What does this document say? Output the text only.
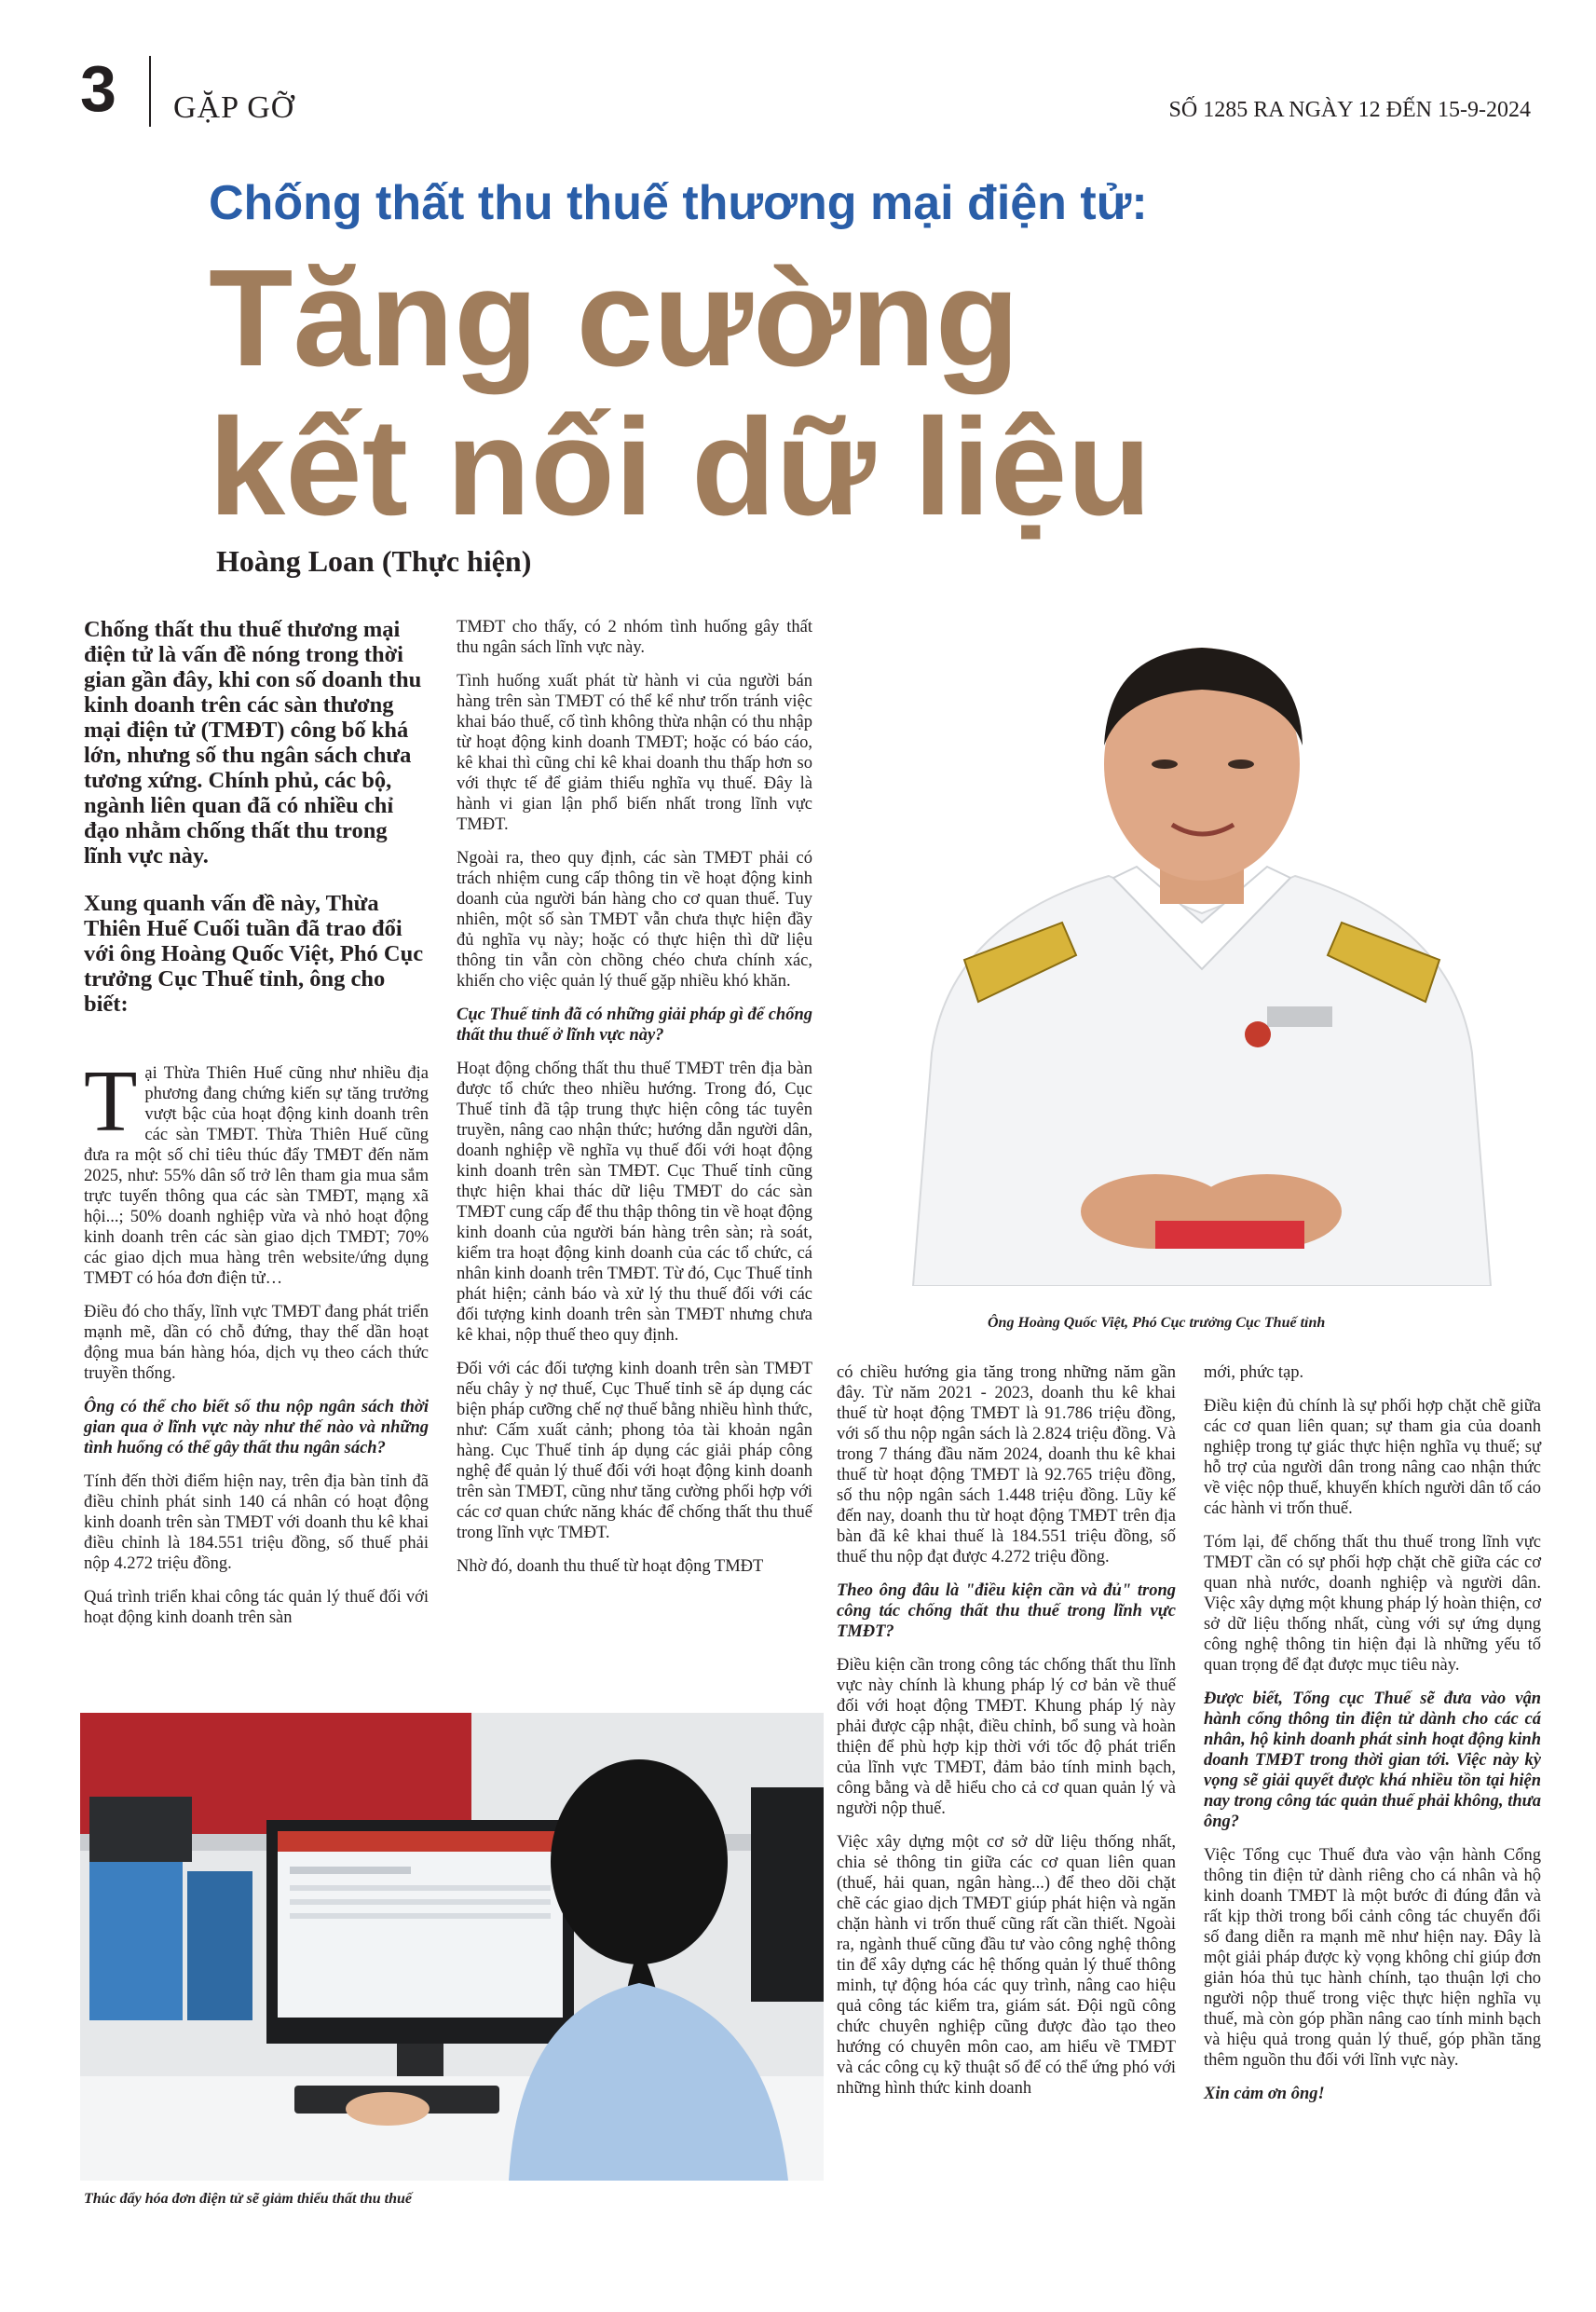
3 GẶP GỠ	SỐ 1285 RA NGÀY 12 ĐẾN 15-9-2024
Chống thất thu thuế thương mại điện tử:
Tăng cường
kết nối dữ liệu
Hoàng Loan (Thực hiện)

Chống thất thu thuế thương mại điện tử là vấn đề nóng trong thời gian gần đây, khi con số doanh thu kinh doanh trên các sàn thương mại điện tử (TMĐT) công bố khá lớn, nhưng số thu ngân sách chưa tương xứng. Chính phủ, các bộ, ngành liên quan đã có nhiều chỉ đạo nhằm chống thất thu trong lĩnh vực này.

Xung quanh vấn đề này, Thừa Thiên Huế Cuối tuần đã trao đổi với ông Hoàng Quốc Việt, Phó Cục trưởng Cục Thuế tỉnh, ông cho biết:

Tại Thừa Thiên Huế cũng như nhiều địa phương đang chứng kiến sự tăng trưởng vượt bậc của hoạt động kinh doanh trên các sàn TMĐT. Thừa Thiên Huế cũng đưa ra một số chỉ tiêu thúc đẩy TMĐT đến năm 2025, như: 55% dân số trở lên tham gia mua sắm trực tuyến thông qua các sàn TMĐT, mạng xã hội...; 50% doanh nghiệp vừa và nhỏ hoạt động kinh doanh trên các sàn giao dịch TMĐT; 70% các giao dịch mua hàng trên website/ứng dụng TMĐT có hóa đơn điện tử…

Điều đó cho thấy, lĩnh vực TMĐT đang phát triển mạnh mẽ, dần có chỗ đứng, thay thế dần hoạt động mua bán hàng hóa, dịch vụ theo cách thức truyền thống.

Ông có thể cho biết số thu nộp ngân sách thời gian qua ở lĩnh vực này như thế nào và những tình huống có thể gây thất thu ngân sách?

Tính đến thời điểm hiện nay, trên địa bàn tỉnh đã điều chỉnh phát sinh 140 cá nhân có hoạt động kinh doanh trên sàn TMĐT với doanh thu kê khai điều chỉnh là 184.551 triệu đồng, số thuế phải nộp 4.272 triệu đồng.

Quá trình triển khai công tác quản lý thuế đối với hoạt động kinh doanh trên sàn

TMĐT cho thấy, có 2 nhóm tình huống gây thất thu ngân sách lĩnh vực này.

Tình huống xuất phát từ hành vi của người bán hàng trên sàn TMĐT có thể kể như trốn tránh việc khai báo thuế, cố tình không thừa nhận có thu nhập từ hoạt động kinh doanh TMĐT; hoặc có báo cáo, kê khai thì cũng chỉ kê khai doanh thu thấp hơn so với thực tế để giảm thiểu nghĩa vụ thuế. Đây là hành vi gian lận phổ biến nhất trong lĩnh vực TMĐT.

Ngoài ra, theo quy định, các sàn TMĐT phải có trách nhiệm cung cấp thông tin về hoạt động kinh doanh của người bán hàng cho cơ quan thuế. Tuy nhiên, một số sàn TMĐT vẫn chưa thực hiện đầy đủ nghĩa vụ này; hoặc có thực hiện thì dữ liệu thông tin vẫn còn chồng chéo chưa chính xác, khiến cho việc quản lý thuế gặp nhiều khó khăn.

Cục Thuế tỉnh đã có những giải pháp gì để chống thất thu thuế ở lĩnh vực này?

Hoạt động chống thất thu thuế TMĐT trên địa bàn được tổ chức theo nhiều hướng. Trong đó, Cục Thuế tỉnh đã tập trung thực hiện công tác tuyên truyền, nâng cao nhận thức; hướng dẫn người dân, doanh nghiệp về nghĩa vụ thuế đối với hoạt động kinh doanh trên sàn TMĐT. Cục Thuế tỉnh cũng thực hiện khai thác dữ liệu TMĐT do các sàn TMĐT cung cấp để thu thập thông tin về hoạt động kinh doanh của người bán hàng trên sàn; rà soát, kiểm tra hoạt động kinh doanh của các tổ chức, cá nhân kinh doanh trên TMĐT. Từ đó, Cục Thuế tỉnh phát hiện; cảnh báo và xử lý thu thuế đối với các đối tượng kinh doanh trên sàn TMĐT nhưng chưa kê khai, nộp thuế theo quy định.

Đối với các đối tượng kinh doanh trên sàn TMĐT nếu chây ỳ nợ thuế, Cục Thuế tỉnh sẽ áp dụng các biện pháp cưỡng chế nợ thuế bằng nhiều hình thức, như: Cấm xuất cảnh; phong tỏa tài khoản ngân hàng. Cục Thuế tỉnh áp dụng các giải pháp công nghệ để quản lý thuế đối với hoạt động kinh doanh trên sàn TMĐT, cũng như tăng cường phối hợp với các cơ quan chức năng khác để chống thất thu thuế trong lĩnh vực TMĐT.

Nhờ đó, doanh thu thuế từ hoạt động TMĐT

Ông Hoàng Quốc Việt, Phó Cục trưởng Cục Thuế tỉnh

có chiều hướng gia tăng trong những năm gần đây. Từ năm 2021 - 2023, doanh thu kê khai thuế từ hoạt động TMĐT là 91.786 triệu đồng, với số thu nộp ngân sách là 2.824 triệu đồng. Và trong 7 tháng đầu năm 2024, doanh thu kê khai thuế từ hoạt động TMĐT là 92.765 triệu đồng, số thu nộp ngân sách 1.448 triệu đồng. Lũy kế đến nay, doanh thu từ hoạt động TMĐT trên địa bàn đã kê khai thuế là 184.551 triệu đồng, số thuế thu nộp đạt được 4.272 triệu đồng.

Theo ông đâu là "điều kiện cần và đủ" trong công tác chống thất thu thuế trong lĩnh vực TMĐT?

Điều kiện cần trong công tác chống thất thu lĩnh vực này chính là khung pháp lý cơ bản về thuế đối với hoạt động TMĐT. Khung pháp lý này phải được cập nhật, điều chỉnh, bổ sung và hoàn thiện để phù hợp kịp thời với tốc độ phát triển của lĩnh vực TMĐT, đảm bảo tính minh bạch, công bằng và dễ hiểu cho cả cơ quan quản lý và người nộp thuế.

Việc xây dựng một cơ sở dữ liệu thống nhất, chia sẻ thông tin giữa các cơ quan liên quan (thuế, hải quan, ngân hàng...) để theo dõi chặt chẽ các giao dịch TMĐT giúp phát hiện và ngăn chặn hành vi trốn thuế cũng rất cần thiết. Ngoài ra, ngành thuế cũng đầu tư vào công nghệ thông tin để xây dựng các hệ thống quản lý thuế thông minh, tự động hóa các quy trình, nâng cao hiệu quả công tác kiểm tra, giám sát. Đội ngũ công chức chuyên nghiệp cũng được đào tạo theo hướng có chuyên môn cao, am hiểu về TMĐT và các công cụ kỹ thuật số để có thể ứng phó với những hình thức kinh doanh

mới, phức tạp.

Điều kiện đủ chính là sự phối hợp chặt chẽ giữa các cơ quan liên quan; sự tham gia của doanh nghiệp trong tự giác thực hiện nghĩa vụ thuế; sự hỗ trợ của người dân trong nâng cao nhận thức về việc nộp thuế, khuyến khích người dân tố cáo các hành vi trốn thuế.

Tóm lại, để chống thất thu thuế trong lĩnh vực TMĐT cần có sự phối hợp chặt chẽ giữa các cơ quan nhà nước, doanh nghiệp và người dân. Việc xây dựng một khung pháp lý hoàn thiện, cơ sở dữ liệu thống nhất, cùng với sự ứng dụng công nghệ thông tin hiện đại là những yếu tố quan trọng để đạt được mục tiêu này.

Được biết, Tổng cục Thuế sẽ đưa vào vận hành cổng thông tin điện tử dành cho các cá nhân, hộ kinh doanh phát sinh hoạt động kinh doanh TMĐT trong thời gian tới. Việc này kỳ vọng sẽ giải quyết được khá nhiều tồn tại hiện nay trong công tác quản thuế phải không, thưa ông?

Việc Tổng cục Thuế đưa vào vận hành Cổng thông tin điện tử dành riêng cho cá nhân và hộ kinh doanh TMĐT là một bước đi đúng đắn và rất kịp thời trong bối cảnh công tác chuyển đổi số đang diễn ra mạnh mẽ như hiện nay. Đây là một giải pháp được kỳ vọng không chỉ giúp đơn giản hóa thủ tục hành chính, tạo thuận lợi cho người nộp thuế trong việc thực hiện nghĩa vụ thuế, mà còn góp phần nâng cao tính minh bạch và hiệu quả trong quản lý thuế, góp phần tăng thêm nguồn thu đối với lĩnh vực này.

Xin cảm ơn ông!

Thúc đẩy hóa đơn điện tử sẽ giảm thiểu thất thu thuế
